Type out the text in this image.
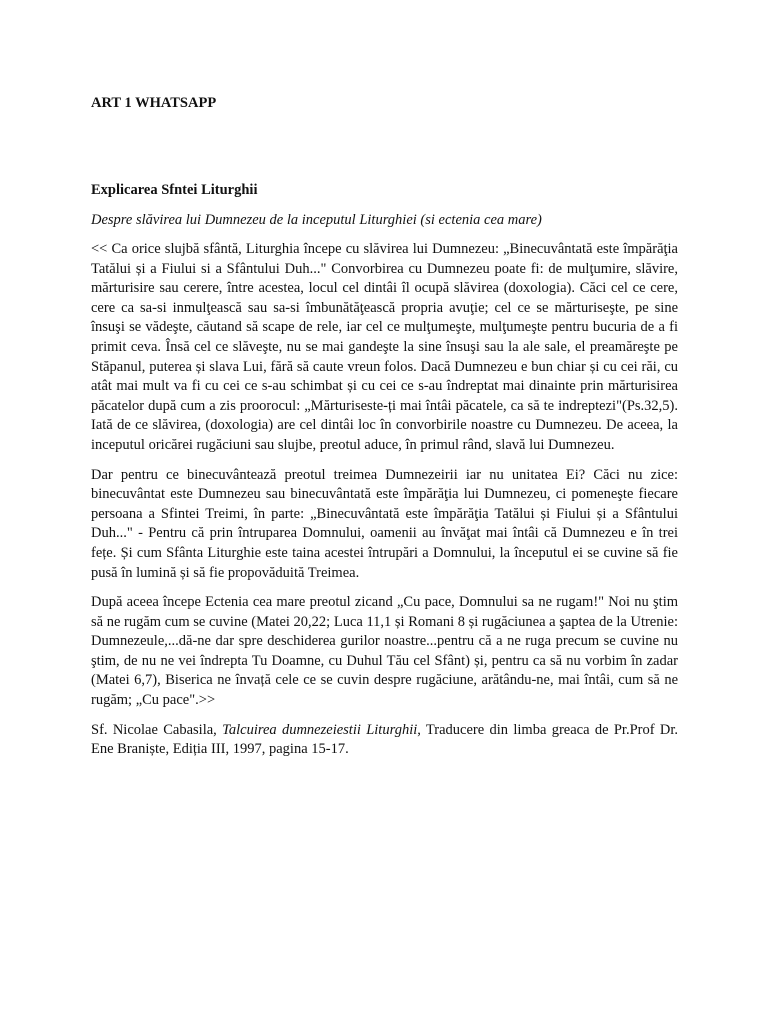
ART 1 WHATSAPP

Explicarea Sfntei Liturghii

Despre slăvirea lui Dumnezeu de la inceputul Liturghiei (si ectenia cea mare)

<< Ca orice slujbă sfântă, Liturghia începe cu slăvirea lui Dumnezeu: „Binecuvântată este împărăţia Tatălui și a Fiului si a Sfântului Duh..." Convorbirea cu Dumnezeu poate fi: de mulţumire, slăvire, mărturisire sau cerere, între acestea, locul cel dintâi îl ocupă slăvirea (doxologia). Căci cel ce cere, cere ca sa-si inmulţească sau sa-si îmbunătăţească propria avuţie; cel ce se mărturiseşte, pe sine însuşi se vădeşte, căutand să scape de rele, iar cel ce mulţumeşte, mulţumeşte pentru bucuria de a fi primit ceva. Însă cel ce slăveşte, nu se mai gandeşte la sine însuşi sau la ale sale, el preamăreşte pe Stăpanul, puterea și slava Lui, fără să caute vreun folos. Dacă Dumnezeu e bun chiar și cu cei răi, cu atât mai mult va fi cu cei ce s-au schimbat și cu cei ce s-au îndreptat mai dinainte prin mărturisirea păcatelor după cum a zis proorocul: „Mărturiseste-ți mai întâi păcatele, ca să te indreptezi"(Ps.32,5). Iată de ce slăvirea, (doxologia) are cel dintâi loc în convorbirile noastre cu Dumnezeu. De aceea, la inceputul oricărei rugăciuni sau slujbe, preotul aduce, în primul rând, slavă lui Dumnezeu.

Dar pentru ce binecuvântează preotul treimea Dumnezeirii iar nu unitatea Ei? Căci nu zice: binecuvântat este Dumnezeu sau binecuvântată este împărăţia lui Dumnezeu, ci pomeneşte fiecare persoana a Sfintei Treimi, în parte: „Binecuvântată este împărăţia Tatălui și Fiului și a Sfântului Duh..." - Pentru că prin întruparea Domnului, oamenii au învăţat mai întâi că Dumnezeu e în trei fețe. Și cum Sfânta Liturghie este taina acestei întrupări a Domnului, la începutul ei se cuvine să fie pusă în lumină și să fie propovăduită Treimea.

După aceea începe Ectenia cea mare preotul zicand „Cu pace, Domnului sa ne rugam!" Noi nu ştim să ne rugăm cum se cuvine (Matei 20,22; Luca 11,1 și Romani 8 și rugăciunea a şaptea de la Utrenie: Dumnezeule,...dă-ne dar spre deschiderea gurilor noastre...pentru că a ne ruga precum se cuvine nu ştim, de nu ne vei îndrepta Tu Doamne, cu Duhul Tău cel Sfânt) și, pentru ca să nu vorbim în zadar (Matei 6,7), Biserica ne învață cele ce se cuvin despre rugăciune, arătându-ne, mai întâi, cum să ne rugăm; „Cu pace".>>

Sf. Nicolae Cabasila, Talcuirea dumnezeiestii Liturghii, Traducere din limba greaca de Pr.Prof Dr. Ene Braniște, Ediția III, 1997, pagina 15-17.
